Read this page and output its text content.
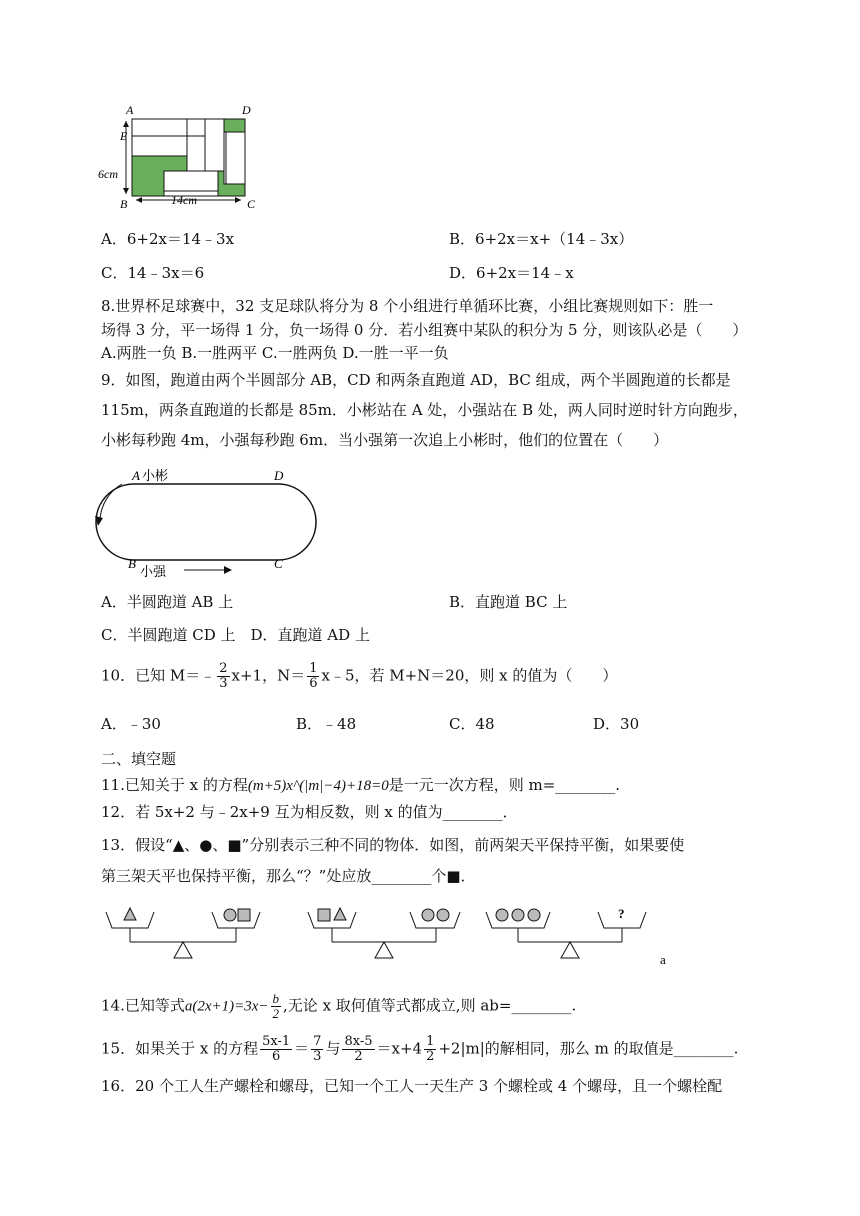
A	D
E
B	C
6cm
14cm
A．6+2x＝14﹣3x	B．6+2x＝x+（14﹣3x）
C．14﹣3x＝6	D．6+2x＝14﹣x
8.世界杯足球赛中，32 支足球队将分为 8 个小组进行单循环比赛，小组比赛规则如下：胜一
场得 3 分，平一场得 1 分，负一场得 0 分．若小组赛中某队的积分为 5 分，则该队必是（　　）
A.两胜一负 B.一胜两平 C.一胜两负 D.一胜一平一负
9．如图，跑道由两个半圆部分 AB，CD 和两条直跑道 AD，BC 组成，两个半圆跑道的长都是
115m，两条直跑道的长都是 85m．小彬站在 A 处，小强站在 B 处，两人同时逆时针方向跑步，
小彬每秒跑 4m，小强每秒跑 6m．当小强第一次追上小彬时，他们的位置在（　　）
A 小彬	D
B
小强
C
A．半圆跑道 AB 上	B．直跑道 BC 上
C．半圆跑道 CD 上　D．直跑道 AD 上
10．已知 M＝﹣ $\frac{2}{3} x+1$，$N= \frac{1}{6}$ x﹣5，若 M+N＝20，则 x 的值为（　　）
A．﹣30	B．﹣48	C．48	D．30
二、填空题
11.已知关于 x 的方程(m+5)x^(|m|−4)+18=0是一元一次方程，则 m=________.
12．若 5x+2 与﹣2x+9 互为相反数，则 x 的值为________．
13．假设“▲、●、■”分别表示三种不同的物体．如图，前两架天平保持平衡，如果要使
第三架天平也保持平衡，那么“？”处应放________个■．
?
a
14.已知等式$a(2x+1)=3x- \frac{b}{2}$ ,无论 x 取何值等式都成立,则 ab=________.
15．如果关于 x 的方程 $\frac{5x-1}{6} = \frac{7}{3}$ 与 $\frac{8x-5}{2} =x+4 \frac{1}{2} +2|m|$的解相同，那么 m 的取值是________.
16．20 个工人生产螺栓和螺母，已知一个工人一天生产 3 个螺栓或 4 个螺母，且一个螺栓配
